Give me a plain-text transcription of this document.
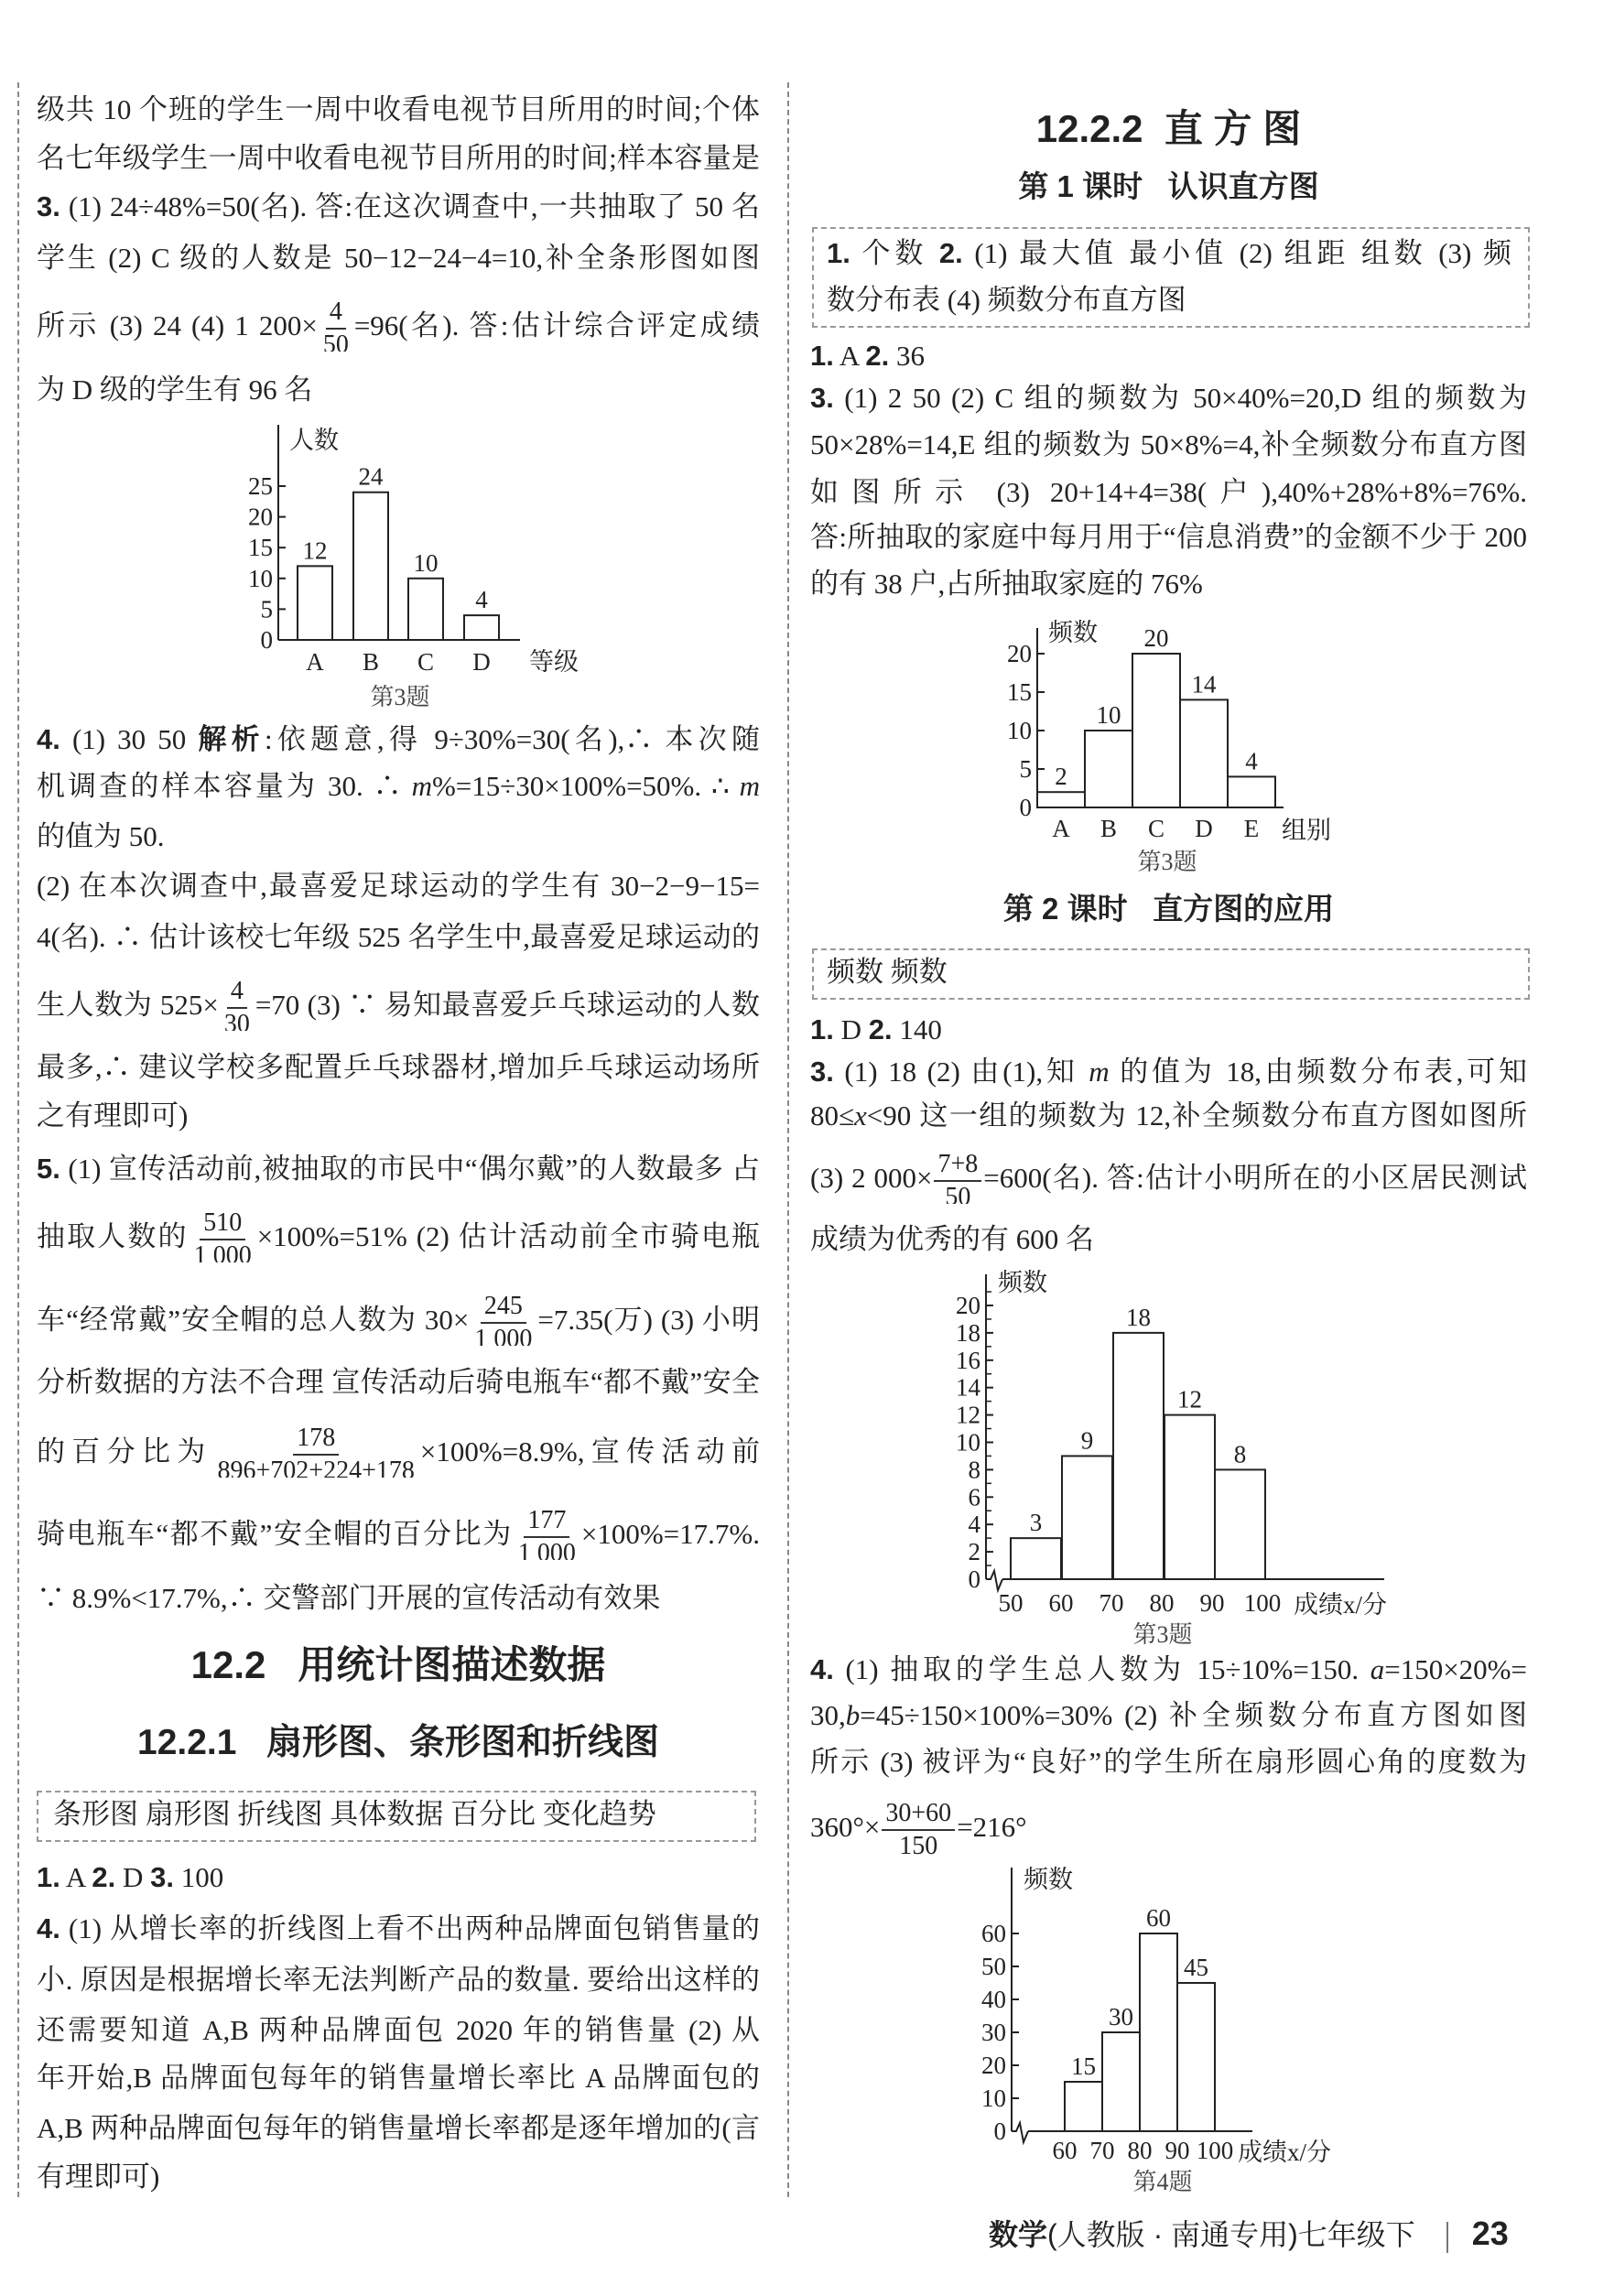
级共 10 个班的学生一周中收看电视节目所用的时间;个体
名七年级学生一周中收看电视节目所用的时间;样本容量是
3. (1) 24÷48%=50(名). 答:在这次调查中,一共抽取了 50 名
学生 (2) C 级的人数是 50−12−24−4=10,补全条形图如图
所示 (3) 24 (4) 1 $200\times \frac{4}{50} =96$(名). 答:估计综合评定成绩
为 D 级的学生有 96 名
4. (1) 30 50 解析:依题意,得 9÷30%=30(名),∴ 本次随
机调查的样本容量为 30. ∴ m%=15÷30×100%=50%. ∴ m
的值为 50.
(2) 在本次调查中,最喜爱足球运动的学生有 30−2−9−15=
4(名). ∴ 估计该校七年级 525 名学生中,最喜爱足球运动的
生人数为 $525\times \frac{4}{30} =70$ (3) ∵ 易知最喜爱乒乓球运动的人数
最多,∴ 建议学校多配置乒乓球器材,增加乒乓球运动场所
之有理即可)
5. (1) 宣传活动前,被抽取的市民中“偶尔戴”的人数最多 占
抽取人数的 $\frac{510}{1 000} \times 100\%=51\%$ (2) 估计活动前全市骑电瓶
车“经常戴”安全帽的总人数为 $30\times \frac{245}{1 000} =7.35$(万) (3) 小明
分析数据的方法不合理 宣传活动后骑电瓶车“都不戴”安全
的百分比为 $\frac{178}{896+702+224+178} \times 100\%=8.9\%$,宣传活动前
骑电瓶车“都不戴”安全帽的百分比为 $\frac{177}{1 000} \times 100\%=17.7\%$.
∵ 8.9%<17.7%,∴ 交警部门开展的宣传活动有效果
1. A 2. D 3. 100
4. (1) 从增长率的折线图上看不出两种品牌面包销售量的
小. 原因是根据增长率无法判断产品的数量. 要给出这样的
还需要知道 A,B 两种品牌面包 2020 年的销售量 (2) 从
年开始,B 品牌面包每年的销售量增长率比 A 品牌面包的
A,B 两种品牌面包每年的销售量增长率都是逐年增加的(言
有理即可)
条形图 扇形图 折线图 具体数据 百分比 变化趋势
12.2   用统计图描述数据
12.2.1   扇形图、条形图和折线图
1. 个数 2. (1) 最大值 最小值 (2) 组距 组数 (3) 频
数分布表 (4) 频数分布直方图
1. A 2. 36
3. (1) 2 50 (2) C 组的频数为 50×40%=20,D 组的频数为
50×28%=14,E 组的频数为 50×8%=4,补全频数分布直方图
如图所示 (3) 20+14+4=38(户),40%+28%+8%=76%.
答:所抽取的家庭中每月用于“信息消费”的金额不少于 200
的有 38 户,占所抽取家庭的 76%
频数 频数
1. D 2. 140
3. (1) 18 (2) 由(1),知 m 的值为 18,由频数分布表,可知
80≤x<90 这一组的频数为 12,补全频数分布直方图如图所
(3) 2 $000\times \frac{7+8}{50} =600$(名). 答:估计小明所在的小区居民测试
成绩为优秀的有 600 名
4. (1) 抽取的学生总人数为 15÷10%=150. a=150×20%=
30,b=45÷150×100%=30% (2) 补全频数分布直方图如图
所示 (3) 被评为“良好”的学生所在扇形圆心角的度数为
$360^\circ\times \frac{30+60}{150} =216^\circ$
12.2.2  直 方 图
第 1 课时   认识直方图
第 2 课时   直方图的应用
0
5
10
15
20
25
12
24
10
4
A B C D 等级
人数
第3题
0
5
10
15
20
2
10
20
14
4
A B C D E 组别
频数
第3题
0
2
4
6
8
10
12
14
16
18
20
3
9
18
12
8
50 60 70 80 90 100 成绩x/分
频数
第3题
0
10
20
30
40
50
60
15
30
60
45
60 70 80 90 100 成绩x/分
频数
第4题
数学(人教版 · 南通专用)七年级下 23
